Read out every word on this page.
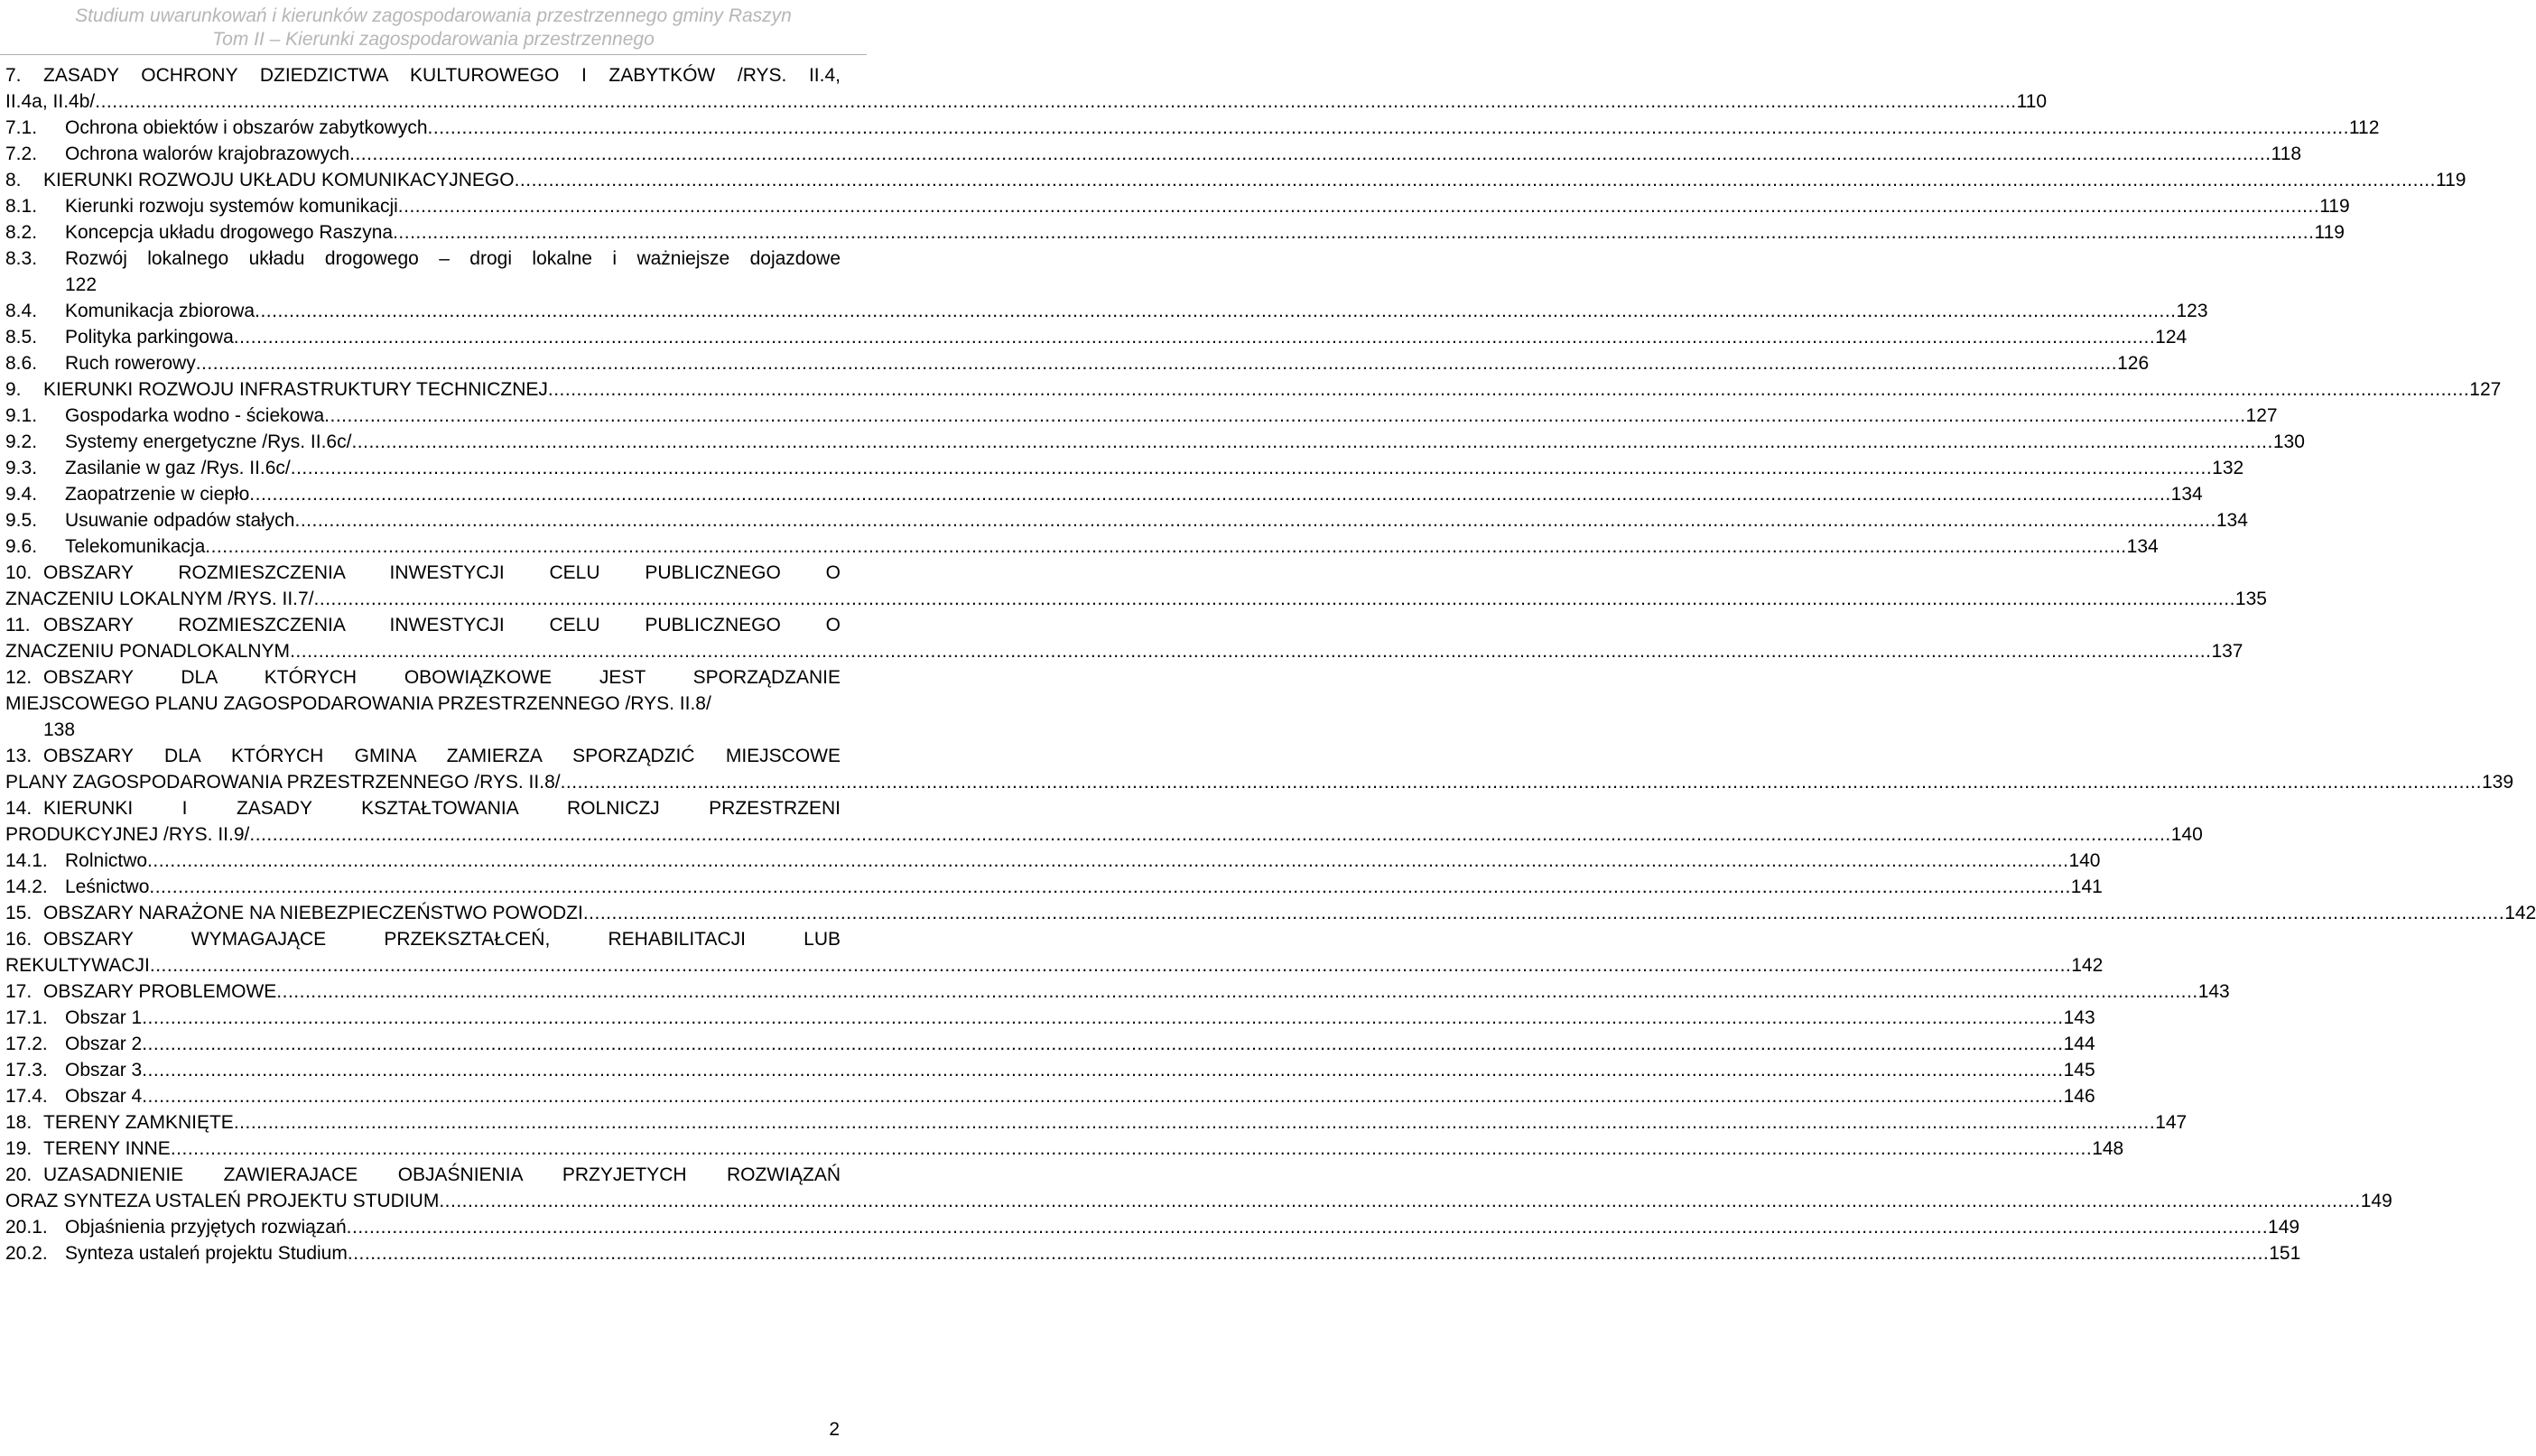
Studium uwarunkowań i kierunków zagospodarowania przestrzennego gminy Raszyn
Tom II – Kierunki zagospodarowania przestrzennego
7.	ZASADY OCHRONY DZIEDZICTWA KULTUROWEGO I ZABYTKÓW /RYS. II.4,
II.4a, II.4b/ .....	110
7.1.	Ochrona obiektów i obszarów zabytkowych .....	112
7.2.	Ochrona walorów krajobrazowych .....	118
8.	KIERUNKI ROZWOJU UKŁADU KOMUNIKACYJNEGO .....	119
8.1.	Kierunki rozwoju systemów komunikacji .....	119
8.2.	Koncepcja układu drogowego Raszyna .....	119
8.3.	Rozwój lokalnego układu drogowego – drogi lokalne i ważniejsze dojazdowe
122
8.4.	Komunikacja zbiorowa .....	123
8.5.	Polityka parkingowa .....	124
8.6.	Ruch rowerowy .....	126
9.	KIERUNKI ROZWOJU INFRASTRUKTURY TECHNICZNEJ .....	127
9.1.	Gospodarka wodno - ściekowa .....	127
9.2.	Systemy energetyczne /Rys. II.6c/ .....	130
9.3.	Zasilanie w gaz /Rys. II.6c/ .....	132
9.4.	Zaopatrzenie w ciepło .....	134
9.5.	Usuwanie odpadów stałych .....	134
9.6.	Telekomunikacja .....	134
10. OBSZARY ROZMIESZCZENIA INWESTYCJI CELU PUBLICZNEGO O
ZNACZENIU LOKALNYM /RYS. II.7/ .....	135
11. OBSZARY ROZMIESZCZENIA INWESTYCJI CELU PUBLICZNEGO O
ZNACZENIU PONADLOKALNYM .....	137
12. OBSZARY DLA KTÓRYCH OBOWIĄZKOWE JEST SPORZĄDZANIE
MIEJSCOWEGO PLANU ZAGOSPODAROWANIA PRZESTRZENNEGO /RYS. II.8/
138
13. OBSZARY DLA KTÓRYCH GMINA ZAMIERZA SPORZĄDZIĆ MIEJSCOWE
PLANY ZAGOSPODAROWANIA PRZESTRZENNEGO /RYS. II.8/ .....	139
14. KIERUNKI I ZASADY KSZTAŁTOWANIA ROLNICZJ PRZESTRZENI
PRODUKCYJNEJ /RYS. II.9/ .....	140
14.1. Rolnictwo .....	140
14.2. Leśnictwo .....	141
15. OBSZARY NARAŻONE NA NIEBEZPIECZEŃSTWO POWODZI .....	142
16. OBSZARY WYMAGAJĄCE PRZEKSZTAŁCEŃ, REHABILITACJI LUB
REKULTYWACJI .....	142
17. OBSZARY PROBLEMOWE .....	143
17.1. Obszar 1 .....	143
17.2. Obszar 2 .....	144
17.3. Obszar 3 .....	145
17.4. Obszar 4 .....	146
18. TERENY ZAMKNIĘTE .....	147
19. TERENY INNE .....	148
20. UZASADNIENIE ZAWIERAJACE OBJAŚNIENIA PRZYJETYCH ROZWIĄZAŃ
ORAZ SYNTEZA USTALEŃ PROJEKTU STUDIUM .....	149
20.1. Objaśnienia przyjętych rozwiązań .....	149
20.2. Synteza ustaleń projektu Studium .....	151
2
